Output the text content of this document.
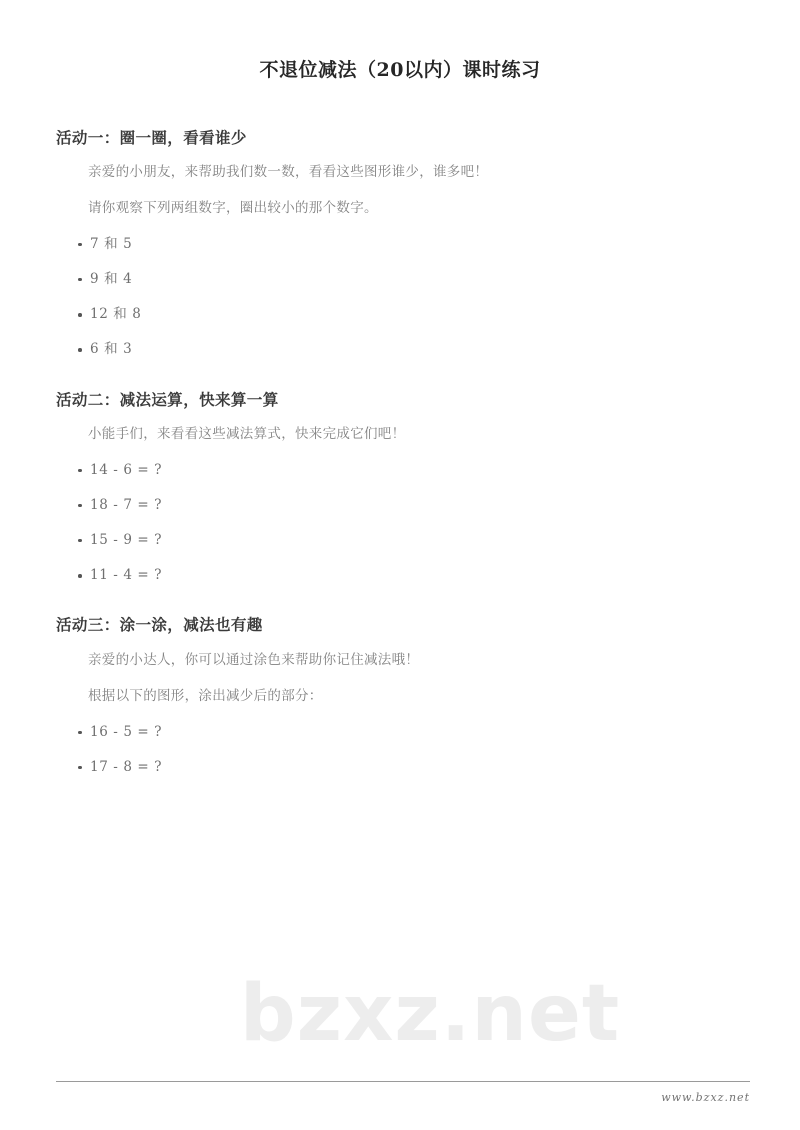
bzxz.net
不退位减法（20以内）课时练习
活动一：圈一圈，看看谁少

亲爱的小朋友，来帮助我们数一数，看看这些图形谁少，谁多吧！

请你观察下列两组数字，圈出较小的那个数字。

7 和 5
9 和 4
12 和 8
6 和 3
活动二：减法运算，快来算一算

小能手们，来看看这些减法算式，快来完成它们吧！

14 - 6 = ?
18 - 7 = ?
15 - 9 = ?
11 - 4 = ?
活动三：涂一涂，减法也有趣

亲爱的小达人，你可以通过涂色来帮助你记住减法哦！

根据以下的图形，涂出减少后的部分：

16 - 5 = ?
17 - 8 = ?
www.bzxz.net
